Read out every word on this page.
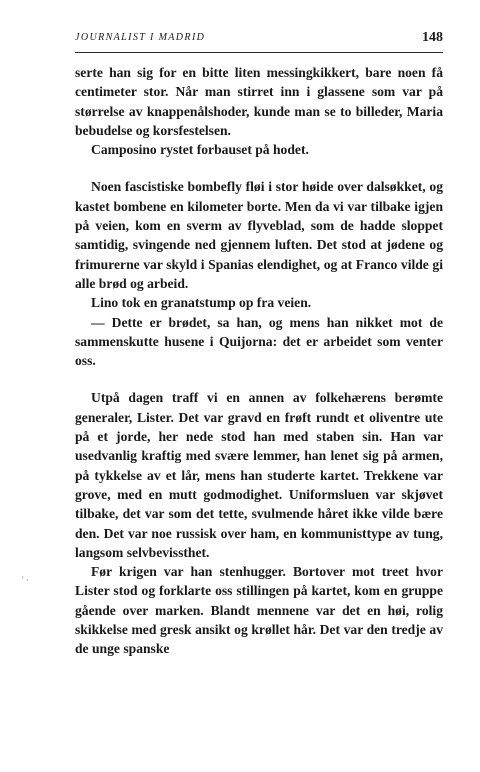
JOURNALIST I MADRID	148

serte han sig for en bitte liten messingkikkert, bare noen få centimeter stor. Når man stirret inn i glassene som var på størrelse av knappenålshoder, kunde man se to billeder, Maria bebudelse og korsfestelsen.

Camposino rystet forbauset på hodet.

Noen fascistiske bombefly fløi i stor høide over dalsøkket, og kastet bombene en kilometer borte. Men da vi var tilbake igjen på veien, kom en sverm av flyveblad, som de hadde sloppet samtidig, svingende ned gjennem luften. Det stod at jødene og frimurerne var skyld i Spanias elendighet, og at Franco vilde gi alle brød og arbeid.

Lino tok en granatstump op fra veien.

— Dette er brødet, sa han, og mens han nikket mot de sammenskutte husene i Quijorna: det er arbeidet som venter oss.

Utpå dagen traff vi en annen av folkehærens berømte generaler, Lister. Det var gravd en frøft rundt et oliventre ute på et jorde, her nede stod han med staben sin. Han var usedvanlig kraftig med svære lemmer, han lenet sig på armen, på tykkelse av et lår, mens han studerte kartet. Trekkene var grove, med en mutt godmodighet. Uniformsluen var skjøvet tilbake, det var som det tette, svulmende håret ikke vilde bære den. Det var noe russisk over ham, en kommunisttype av tung, langsom selvbevissthet.

Før krigen var han stenhugger. Bortover mot treet hvor Lister stod og forklarte oss stillingen på kartet, kom en gruppe gående over marken. Blandt mennene var det en høi, rolig skikkelse med gresk ansikt og krøllet hår. Det var den tredje av de unge spanske

' ·
